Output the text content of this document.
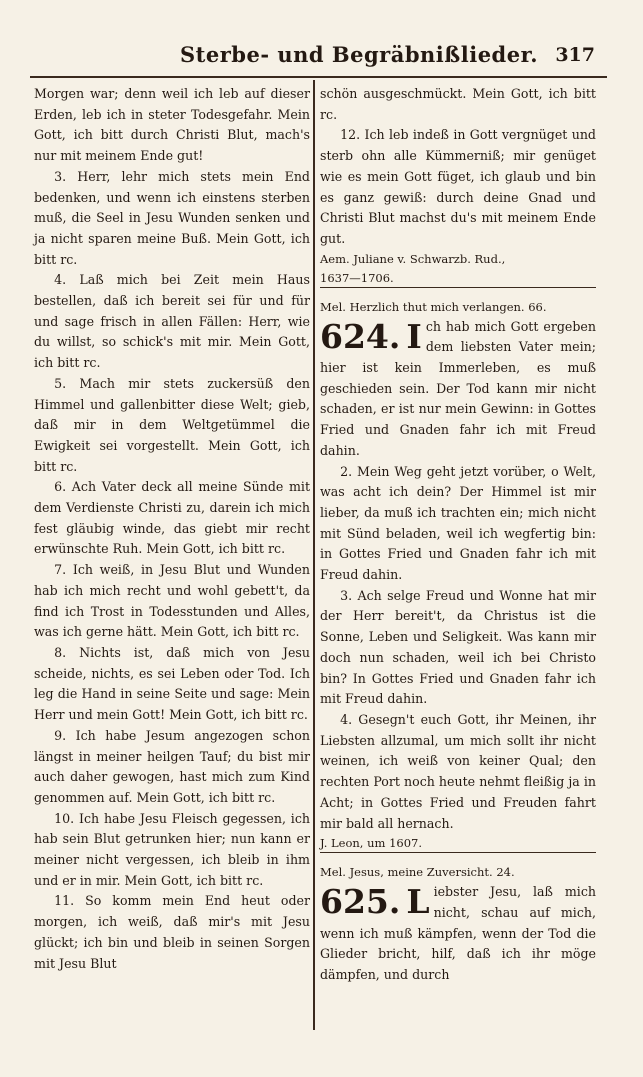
Sterbe- und Begräbnißlieder. 317

Morgen war; denn weil ich leb auf dieser Erden, leb ich in steter Todesgefahr. Mein Gott, ich bitt durch Christi Blut, mach's nur mit meinem Ende gut!

3. Herr, lehr mich stets mein End bedenken, und wenn ich einstens sterben muß, die Seel in Jesu Wunden senken und ja nicht sparen meine Buß. Mein Gott, ich bitt rc.

4. Laß mich bei Zeit mein Haus bestellen, daß ich bereit sei für und für und sage frisch in allen Fällen: Herr, wie du willst, so schick's mit mir. Mein Gott, ich bitt rc.

5. Mach mir stets zuckersüß den Himmel und gallenbitter diese Welt; gieb, daß mir in dem Weltgetümmel die Ewigkeit sei vorgestellt. Mein Gott, ich bitt rc.

6. Ach Vater deck all meine Sünde mit dem Verdienste Christi zu, darein ich mich fest gläubig winde, das giebt mir recht erwünschte Ruh. Mein Gott, ich bitt rc.

7. Ich weiß, in Jesu Blut und Wunden hab ich mich recht und wohl gebett't, da find ich Trost in Todesstunden und Alles, was ich gerne hätt. Mein Gott, ich bitt rc.

8. Nichts ist, daß mich von Jesu scheide, nichts, es sei Leben oder Tod. Ich leg die Hand in seine Seite und sage: Mein Herr und mein Gott! Mein Gott, ich bitt rc.

9. Ich habe Jesum angezogen schon längst in meiner heilgen Tauf; du bist mir auch daher gewogen, hast mich zum Kind genommen auf. Mein Gott, ich bitt rc.

10. Ich habe Jesu Fleisch gegessen, ich hab sein Blut getrunken hier; nun kann er meiner nicht vergessen, ich bleib in ihm und er in mir. Mein Gott, ich bitt rc.

11. So komm mein End heut oder morgen, ich weiß, daß mir's mit Jesu glückt; ich bin und bleib in seinen Sorgen mit Jesu Blut

schön ausgeschmückt. Mein Gott, ich bitt rc.

12. Ich leb indeß in Gott vergnüget und sterb ohn alle Kümmerniß; mir genüget wie es mein Gott füget, ich glaub und bin es ganz gewiß: durch deine Gnad und Christi Blut machst du's mit meinem Ende gut.

Aem. Juliane v. Schwarzb. Rud.,

1637—1706.

Mel. Herzlich thut mich verlangen. 66.

624. I ch hab mich Gott ergeben dem liebsten Vater mein; hier ist kein Immerleben, es muß geschieden sein. Der Tod kann mir nicht schaden, er ist nur mein Gewinn: in Gottes Fried und Gnaden fahr ich mit Freud dahin.

2. Mein Weg geht jetzt vorüber, o Welt, was acht ich dein? Der Himmel ist mir lieber, da muß ich trachten ein; mich nicht mit Sünd beladen, weil ich wegfertig bin: in Gottes Fried und Gnaden fahr ich mit Freud dahin.

3. Ach selge Freud und Wonne hat mir der Herr bereit't, da Christus ist die Sonne, Leben und Seligkeit. Was kann mir doch nun schaden, weil ich bei Christo bin? In Gottes Fried und Gnaden fahr ich mit Freud dahin.

4. Gesegn't euch Gott, ihr Meinen, ihr Liebsten allzumal, um mich sollt ihr nicht weinen, ich weiß von keiner Qual; den rechten Port noch heute nehmt fleißig ja in Acht; in Gottes Fried und Freuden fahrt mir bald all hernach.

J. Leon, um 1607.

Mel. Jesus, meine Zuversicht. 24.

625. L iebster Jesu, laß mich nicht, schau auf mich, wenn ich muß kämpfen, wenn der Tod die Glieder bricht, hilf, daß ich ihr möge dämpfen, und durch
